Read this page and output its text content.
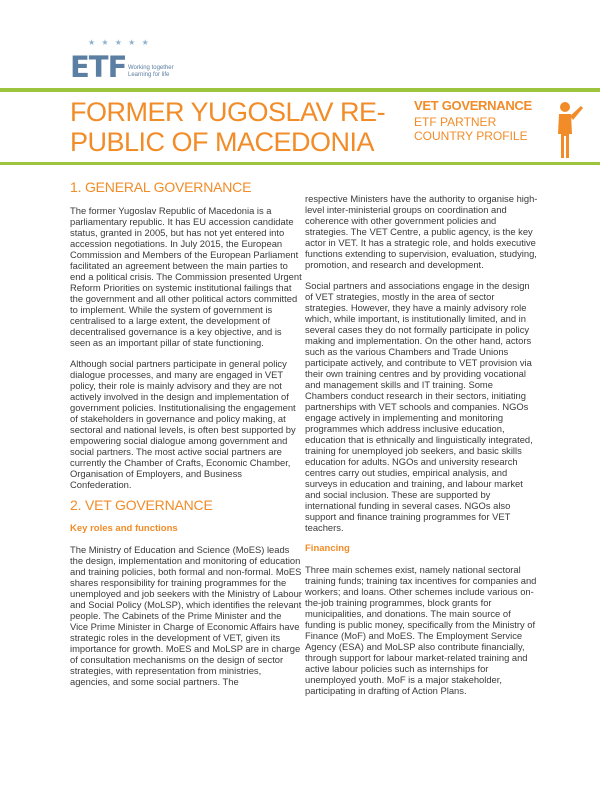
★ ★ ★ ★ ★
ETF Working together Learning for life
FORMER YUGOSLAV RE-PUBLIC OF MACEDONIA
VET GOVERNANCE
ETF PARTNER COUNTRY PROFILE
1. GENERAL GOVERNANCE

The former Yugoslav Republic of Macedonia is a parliamentary republic. It has EU accession candidate status, granted in 2005, but has not yet entered into accession negotiations. In July 2015, the European Commission and Members of the European Parliament facilitated an agreement between the main parties to end a political crisis. The Commission presented Urgent Reform Priorities on systemic institutional failings that the government and all other political actors committed to implement. While the system of government is centralised to a large extent, the development of decentralised governance is a key objective, and is seen as an important pillar of state functioning.

Although social partners participate in general policy dialogue processes, and many are engaged in VET policy, their role is mainly advisory and they are not actively involved in the design and implementation of government policies. Institutionalising the engagement of stakeholders in governance and policy making, at sectoral and national levels, is often best supported by empowering social dialogue among government and social partners. The most active social partners are currently the Chamber of Crafts, Economic Chamber, Organisation of Employers, and Business Confederation.

2. VET GOVERNANCE
Key roles and functions

The Ministry of Education and Science (MoES) leads the design, implementation and monitoring of education and training policies, both formal and non-formal. MoES shares responsibility for training programmes for the unemployed and job seekers with the Ministry of Labour and Social Policy (MoLSP), which identifies the relevant people. The Cabinets of the Prime Minister and the Vice Prime Minister in Charge of Economic Affairs have strategic roles in the development of VET, given its importance for growth. MoES and MoLSP are in charge of consultation mechanisms on the design of sector strategies, with representation from ministries, agencies, and some social partners. The

respective Ministers have the authority to organise high-level inter-ministerial groups on coordination and coherence with other government policies and strategies. The VET Centre, a public agency, is the key actor in VET. It has a strategic role, and holds executive functions extending to supervision, evaluation, studying, promotion, and research and development.

Social partners and associations engage in the design of VET strategies, mostly in the area of sector strategies. However, they have a mainly advisory role which, while important, is institutionally limited, and in several cases they do not formally participate in policy making and implementation. On the other hand, actors such as the various Chambers and Trade Unions participate actively, and contribute to VET provision via their own training centres and by providing vocational and management skills and IT training. Some Chambers conduct research in their sectors, initiating partnerships with VET schools and companies. NGOs engage actively in implementing and monitoring programmes which address inclusive education, education that is ethnically and linguistically integrated, training for unemployed job seekers, and basic skills education for adults. NGOs and university research centres carry out studies, empirical analysis, and surveys in education and training, and labour market and social inclusion. These are supported by international funding in several cases. NGOs also support and finance training programmes for VET teachers.

Financing

Three main schemes exist, namely national sectoral training funds; training tax incentives for companies and workers; and loans. Other schemes include various on-the-job training programmes, block grants for municipalities, and donations. The main source of funding is public money, specifically from the Ministry of Finance (MoF) and MoES. The Employment Service Agency (ESA) and MoLSP also contribute financially, through support for labour market-related training and active labour policies such as internships for unemployed youth. MoF is a major stakeholder, participating in drafting of Action Plans.
